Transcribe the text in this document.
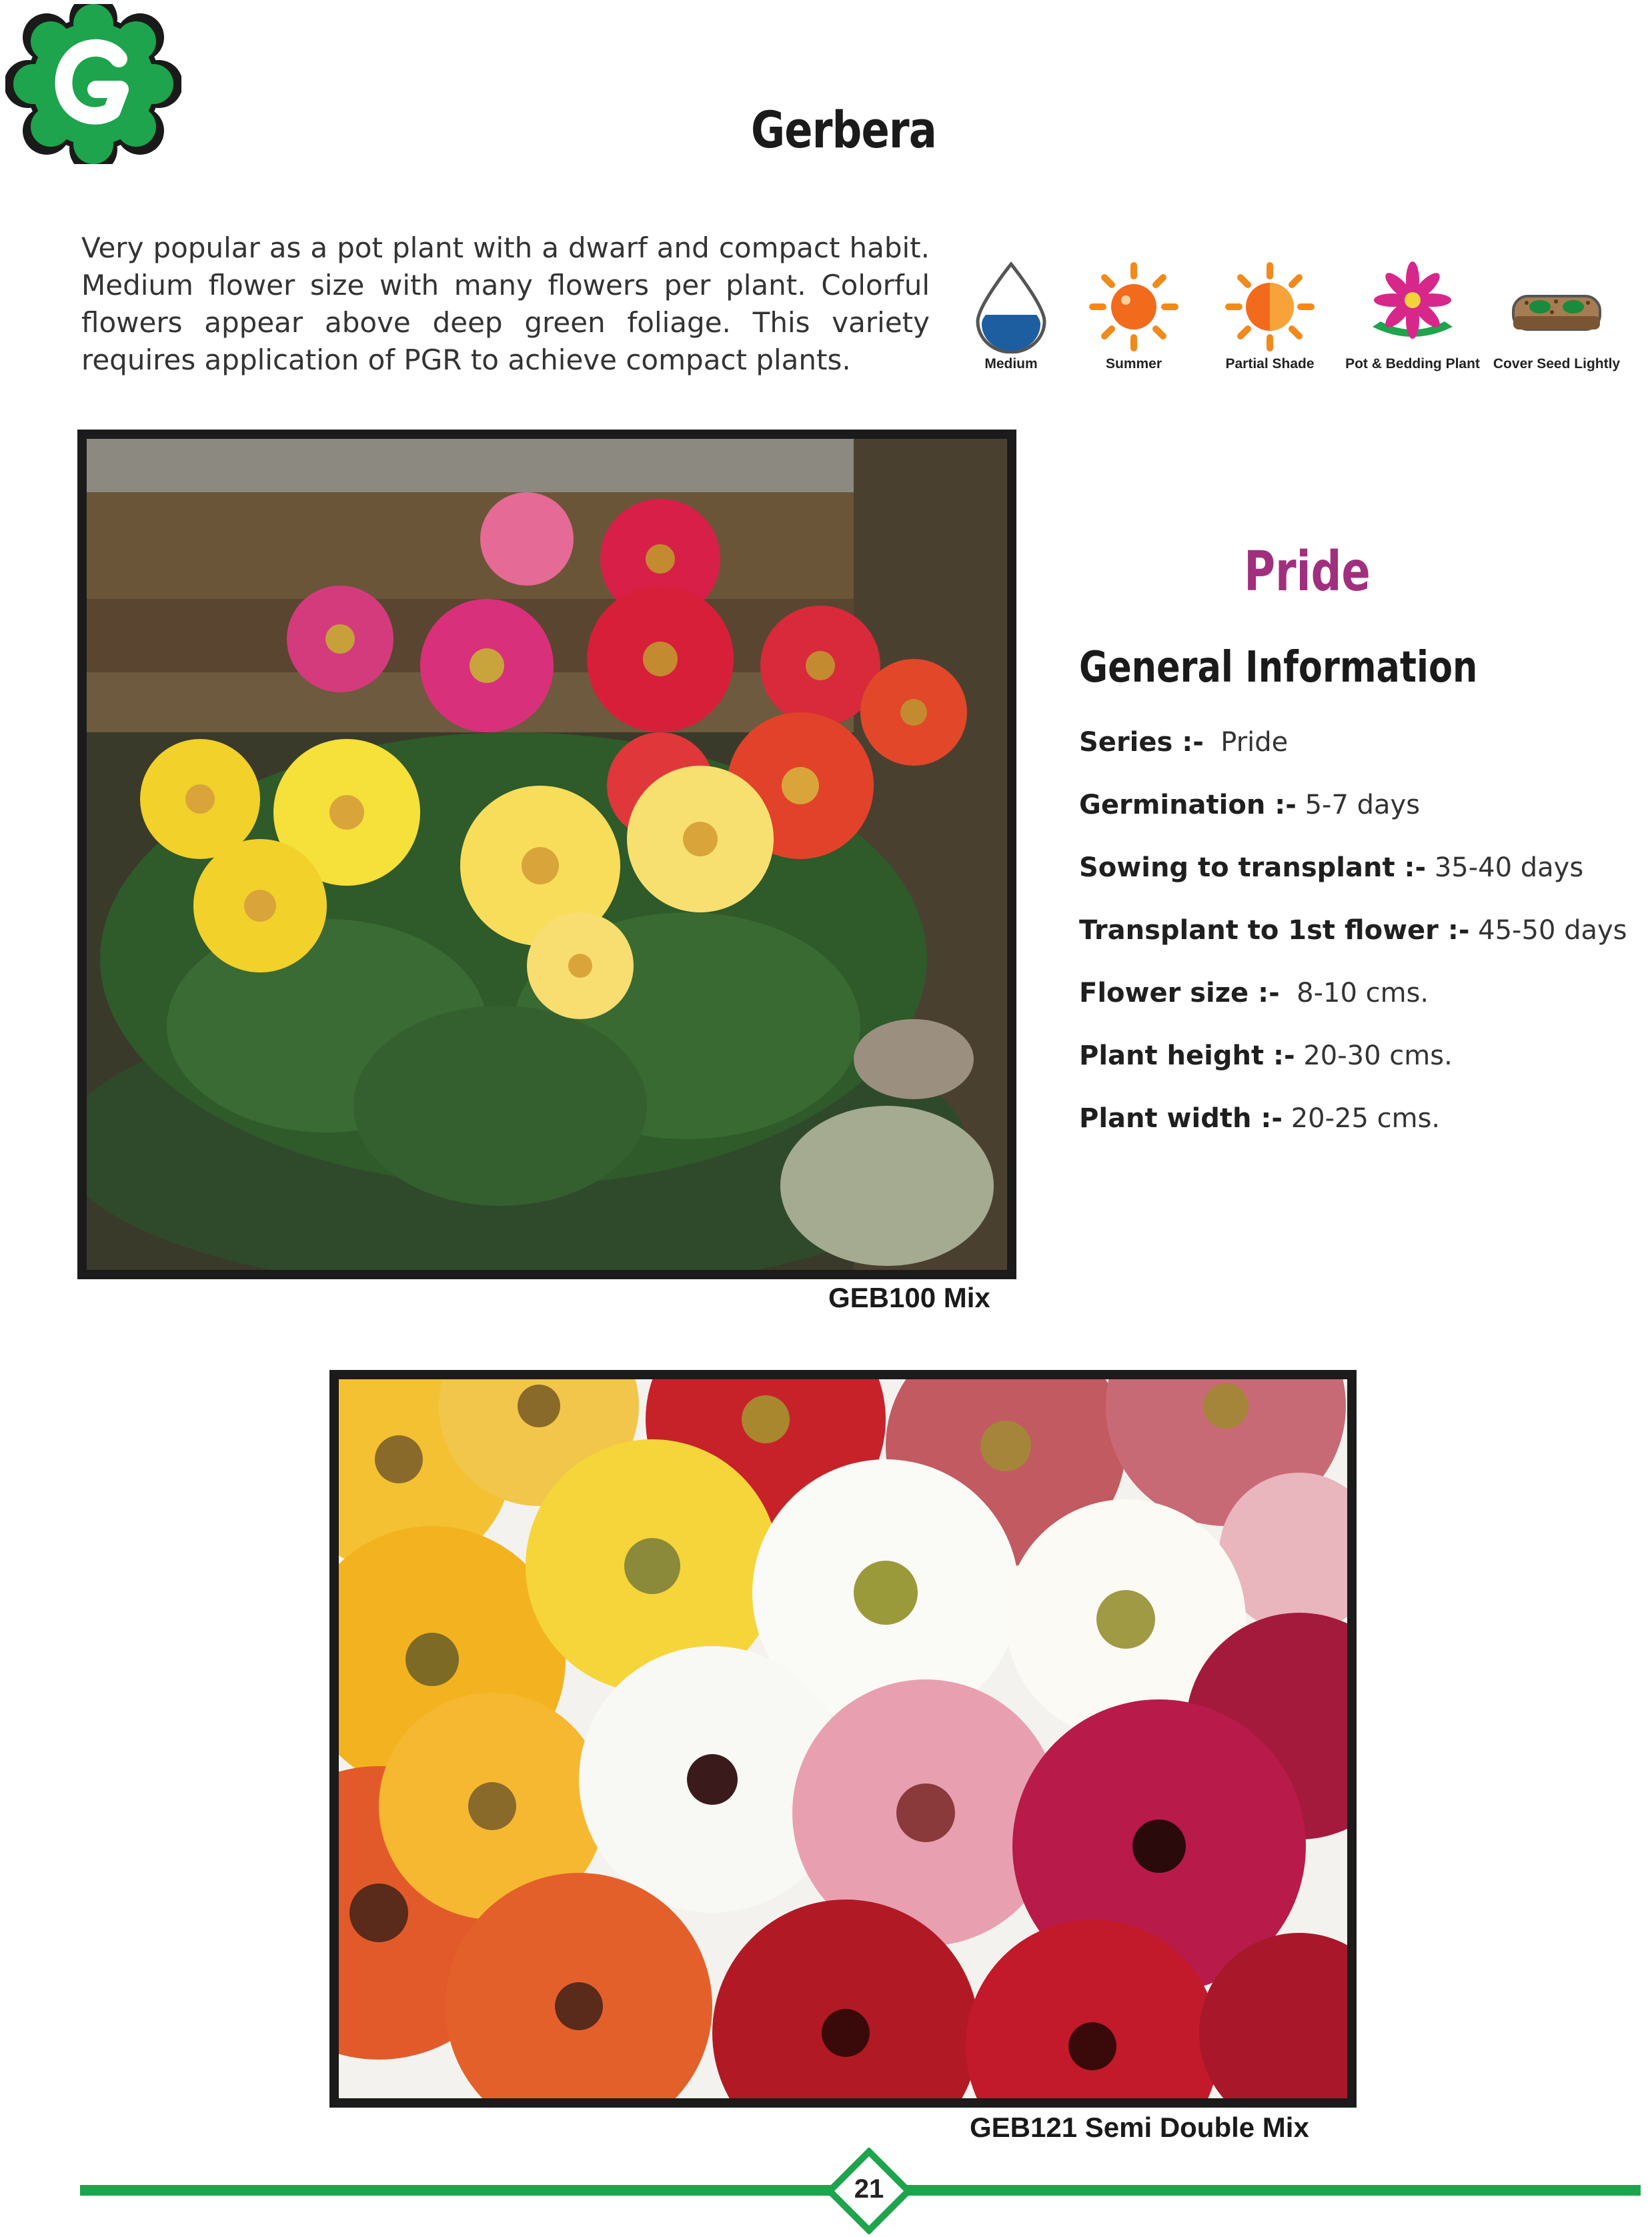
Gerbera
Very popular as a pot plant with a dwarf and compact habit. Medium flower size with many flowers per plant. Colorful flowers appear above deep green foliage. This variety requires application of PGR to achieve compact plants.	Medium	Summer	Partial Shade	Pot & Bedding Plant Cover Seed Lightly
GEB100 Mix
Pride
General Information
Series :- Pride
Germination :- 5-7 days
Sowing to transplant :- 35-40 days
Transplant to 1st flower :- 45-50 days
Flower size :- 8-10 cms.
Plant height :- 20-30 cms.
Plant width :- 20-25 cms.
GEB121 Semi Double Mix
21
